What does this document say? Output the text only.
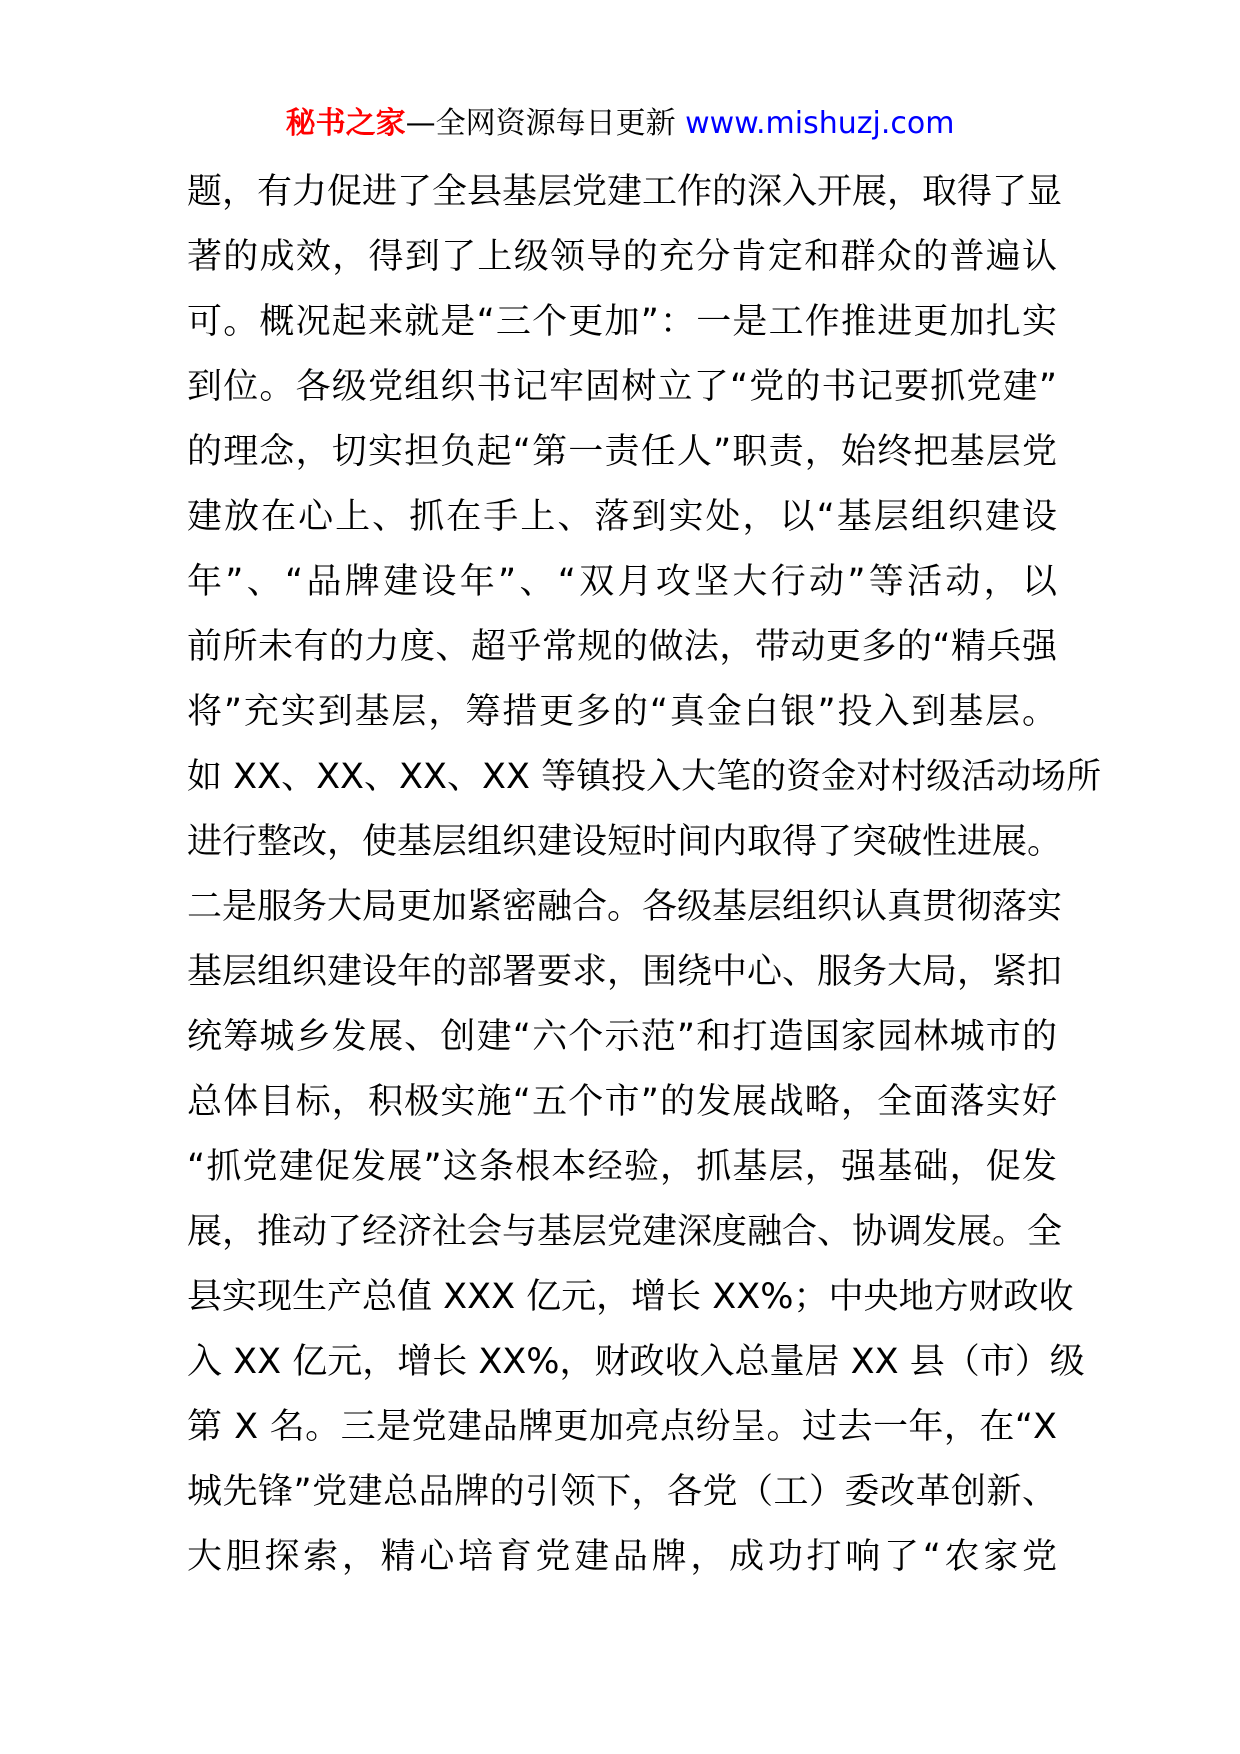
秘书之家—全网资源每日更新 www.mishuzj.com
题，有力促进了全县基层党建工作的深入开展，取得了显
著的成效，得到了上级领导的充分肯定和群众的普遍认
可。概况起来就是“三个更加”：一是工作推进更加扎实
到位。各级党组织书记牢固树立了“党的书记要抓党建”
的理念，切实担负起“第一责任人”职责，始终把基层党
建放在心上、抓在手上、落到实处，以“基层组织建设
年”、“品牌建设年”、“双月攻坚大行动”等活动，以
前所未有的力度、超乎常规的做法，带动更多的“精兵强
将”充实到基层，筹措更多的“真金白银”投入到基层。
如 XX、XX、XX、XX 等镇投入大笔的资金对村级活动场所
进行整改，使基层组织建设短时间内取得了突破性进展。
二是服务大局更加紧密融合。各级基层组织认真贯彻落实
基层组织建设年的部署要求，围绕中心、服务大局，紧扣
统筹城乡发展、创建“六个示范”和打造国家园林城市的
总体目标，积极实施“五个市”的发展战略，全面落实好
“抓党建促发展”这条根本经验，抓基层，强基础，促发
展，推动了经济社会与基层党建深度融合、协调发展。全
县实现生产总值 XXX 亿元，增长 XX%；中央地方财政收
入 XX 亿元，增长 XX%，财政收入总量居 XX 县（市）级
第 X 名。三是党建品牌更加亮点纷呈。过去一年，在“X
城先锋”党建总品牌的引领下，各党（工）委改革创新、
大胆探索，精心培育党建品牌，成功打响了“农家党
